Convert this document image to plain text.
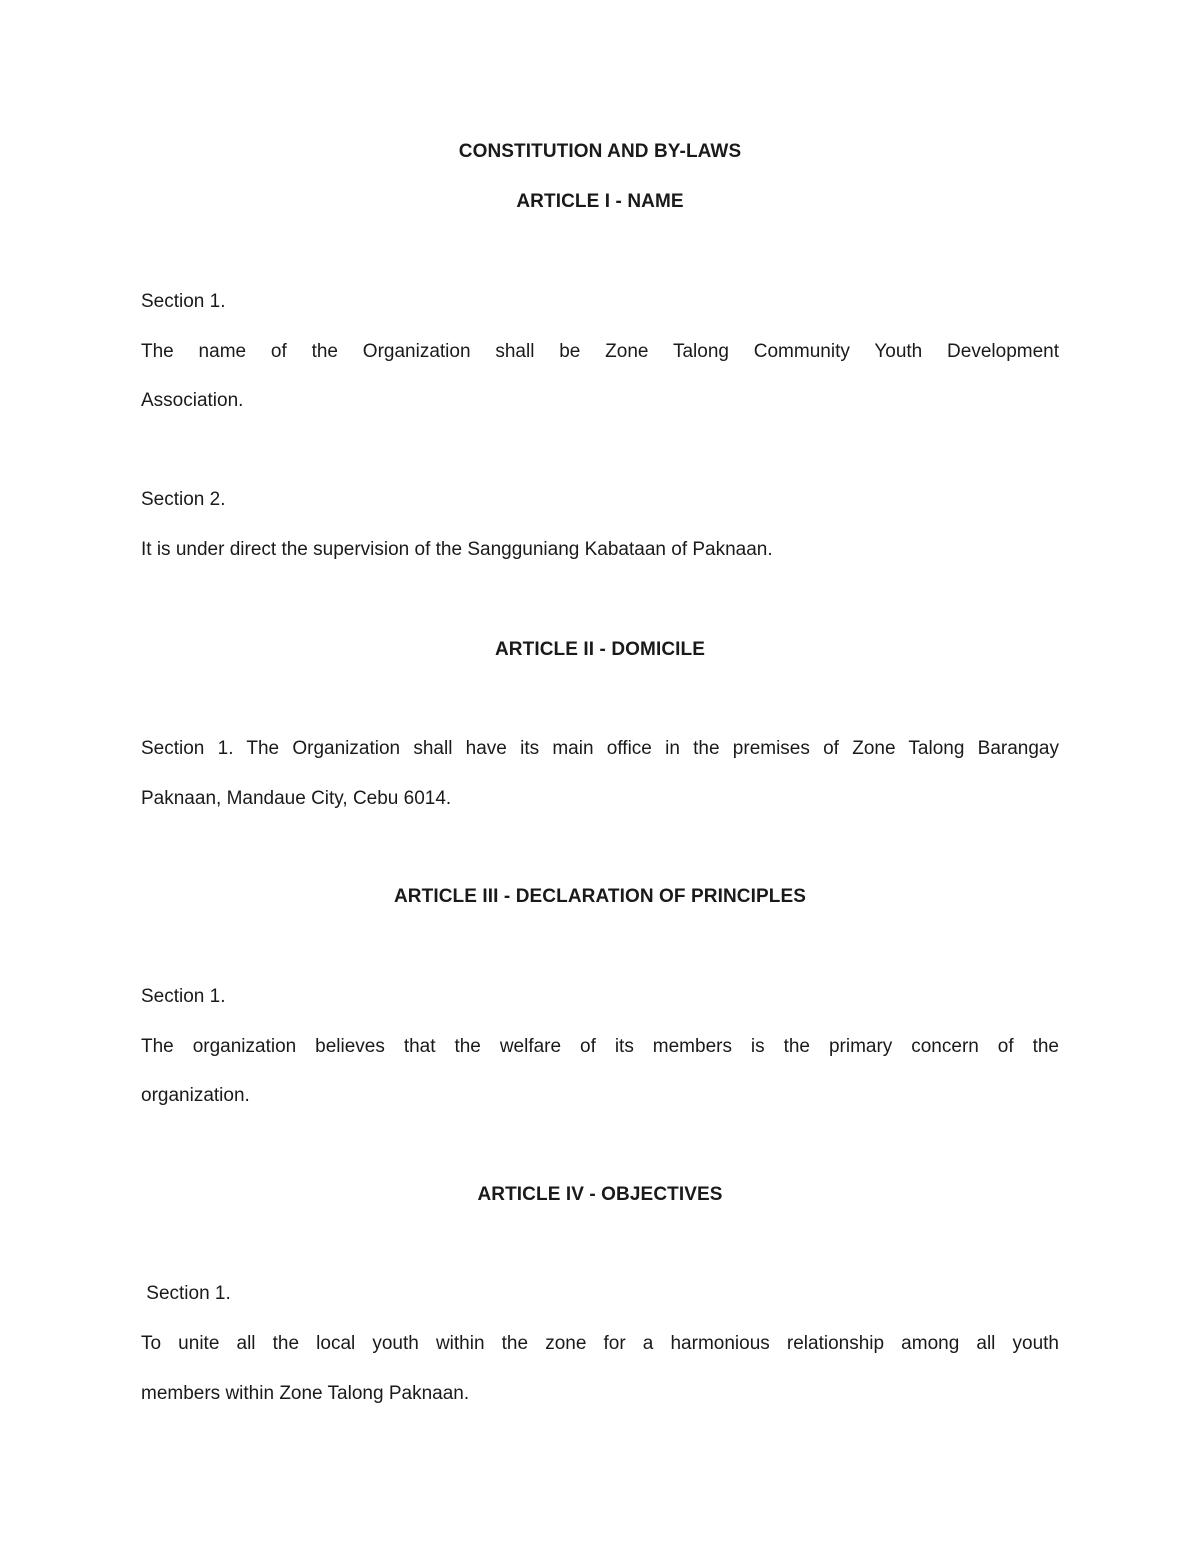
CONSTITUTION AND BY-LAWS
ARTICLE I - NAME

Section 1.

The name of the Organization shall be Zone Talong Community Youth Development

Association.

Section 2.

It is under direct the supervision of the Sangguniang Kabataan of Paknaan.

ARTICLE II - DOMICILE

Section 1. The Organization shall have its main office in the premises of Zone Talong Barangay

Paknaan, Mandaue City, Cebu 6014.

ARTICLE III - DECLARATION OF PRINCIPLES

Section 1.

The organization believes that the welfare of its members is the primary concern of the

organization.

ARTICLE IV - OBJECTIVES

Section 1.

To unite all the local youth within the zone for a harmonious relationship among all youth

members within Zone Talong Paknaan.
